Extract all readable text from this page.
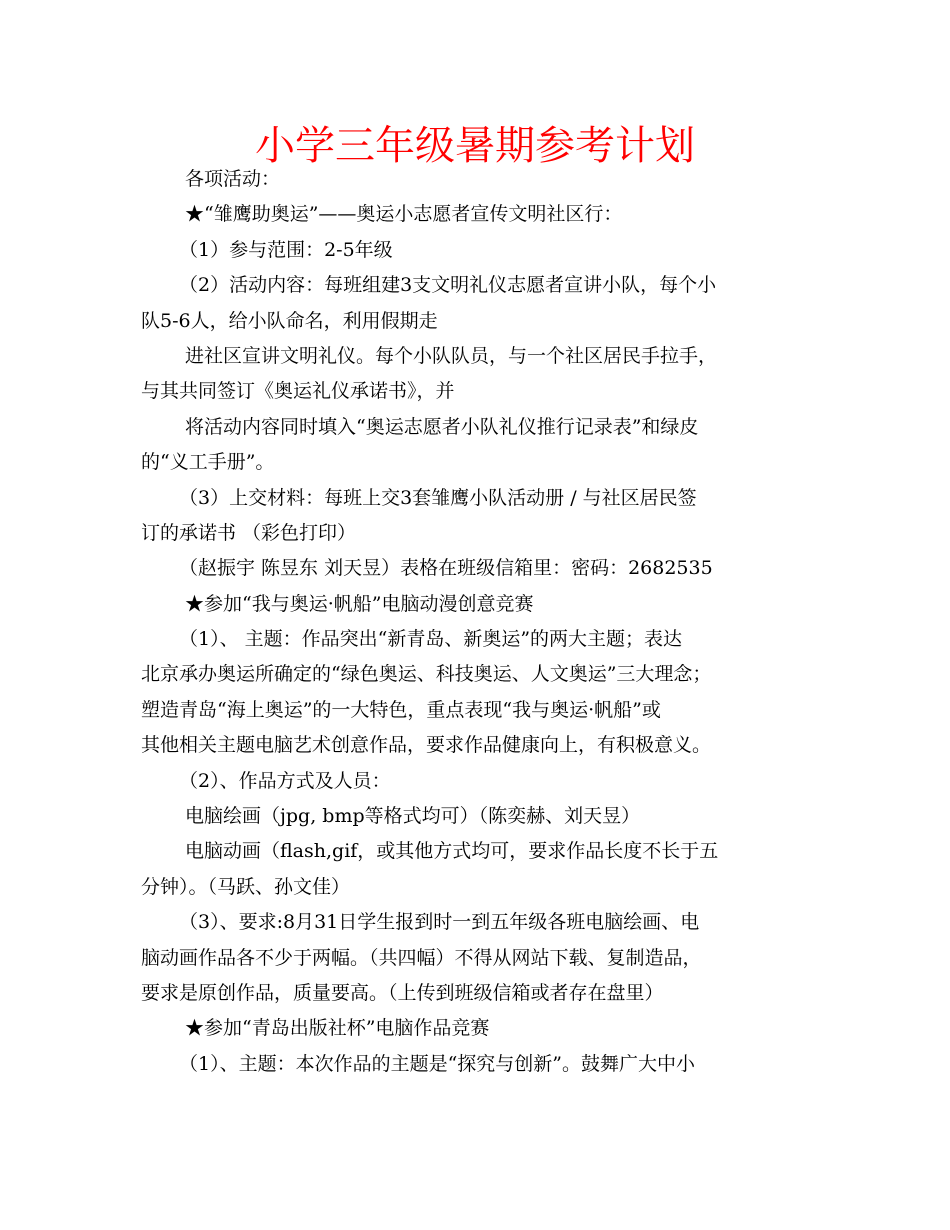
小学三年级暑期参考计划
各项活动：
★“雏鹰助奥运”——奥运小志愿者宣传文明社区行：
（1）参与范围：2-5年级
（2）活动内容：每班组建3支文明礼仪志愿者宣讲小队，每个小
队5-6人，给小队命名，利用假期走
进社区宣讲文明礼仪。每个小队队员，与一个社区居民手拉手，
与其共同签订《奥运礼仪承诺书》，并
将活动内容同时填入“奥运志愿者小队礼仪推行记录表”和绿皮
的“义工手册”。
（3）上交材料：每班上交3套雏鹰小队活动册 / 与社区居民签
订的承诺书 （彩色打印）
（赵振宇 陈昱东 刘天昱）表格在班级信箱里：密码：2682535
★参加“我与奥运·帆船”电脑动漫创意竞赛
（1）、 主题：作品突出“新青岛、新奥运”的两大主题；表达
北京承办奥运所确定的“绿色奥运、科技奥运、人文奥运”三大理念；
塑造青岛“海上奥运”的一大特色，重点表现“我与奥运·帆船”或
其他相关主题电脑艺术创意作品，要求作品健康向上，有积极意义。
（2）、作品方式及人员：
电脑绘画（jpg, bmp等格式均可）（陈奕赫、刘天昱）
电脑动画（flash,gif，或其他方式均可，要求作品长度不长于五
分钟）。（马跃、孙文佳）
（3）、要求:8月31日学生报到时一到五年级各班电脑绘画、电
脑动画作品各不少于两幅。（共四幅）不得从网站下载、复制造品，
要求是原创作品，质量要高。（上传到班级信箱或者存在盘里）
★参加“青岛出版社杯”电脑作品竞赛
（1）、主题：本次作品的主题是“探究与创新”。鼓舞广大中小
